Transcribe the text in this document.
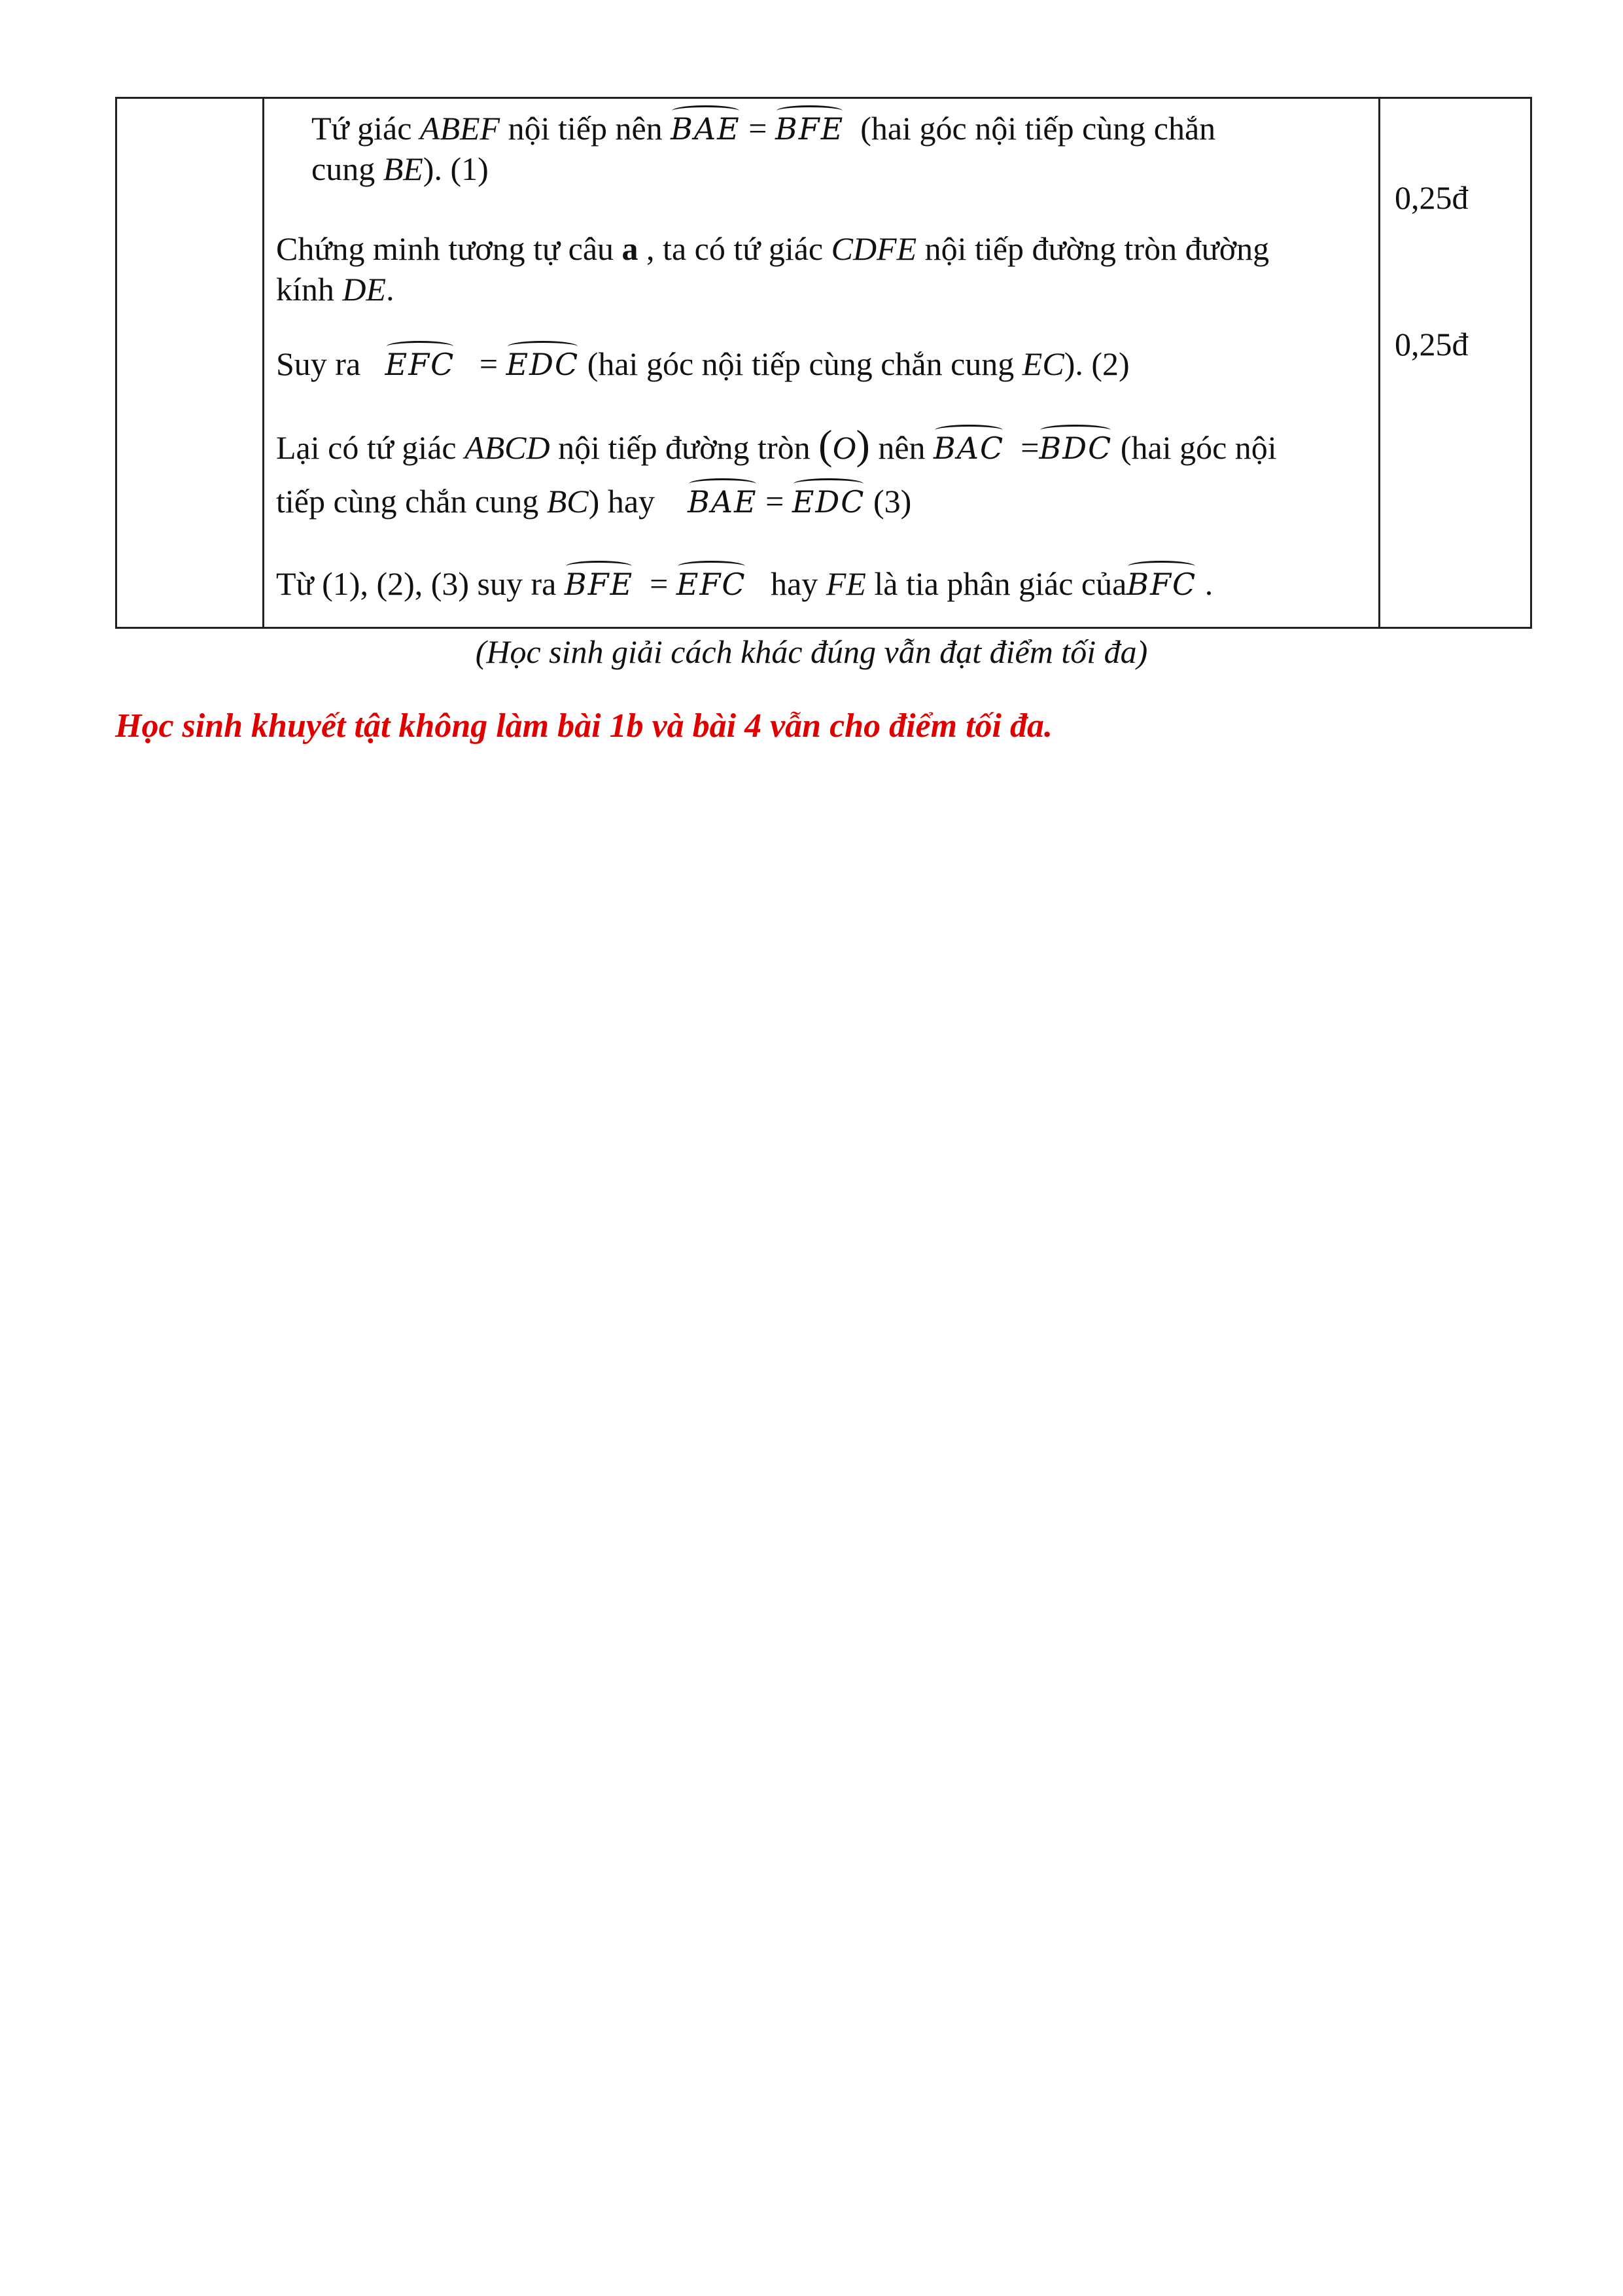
Tứ giác ABEF nội tiếp nên BAE = BFE (hai góc nội tiếp cùng chắn
cung BE). (1)
0,25đ
Chứng minh tương tự câu a , ta có tứ giác CDFE nội tiếp đường tròn đường
kính DE.
0,25đ
Suy ra EFC = EDC (hai góc nội tiếp cùng chắn cung EC). (2)
Lại có tứ giác ABCD nội tiếp đường tròn (O) nên BAC =BDC (hai góc nội
tiếp cùng chắn cung BC) hay BAE = EDC (3)
Từ (1), (2), (3) suy ra BFE = EFC hay FE là tia phân giác củaBFC .
(Học sinh giải cách khác đúng vẫn đạt điểm tối đa)
Học sinh khuyết tật không làm bài 1b và bài 4 vẫn cho điểm tối đa.
